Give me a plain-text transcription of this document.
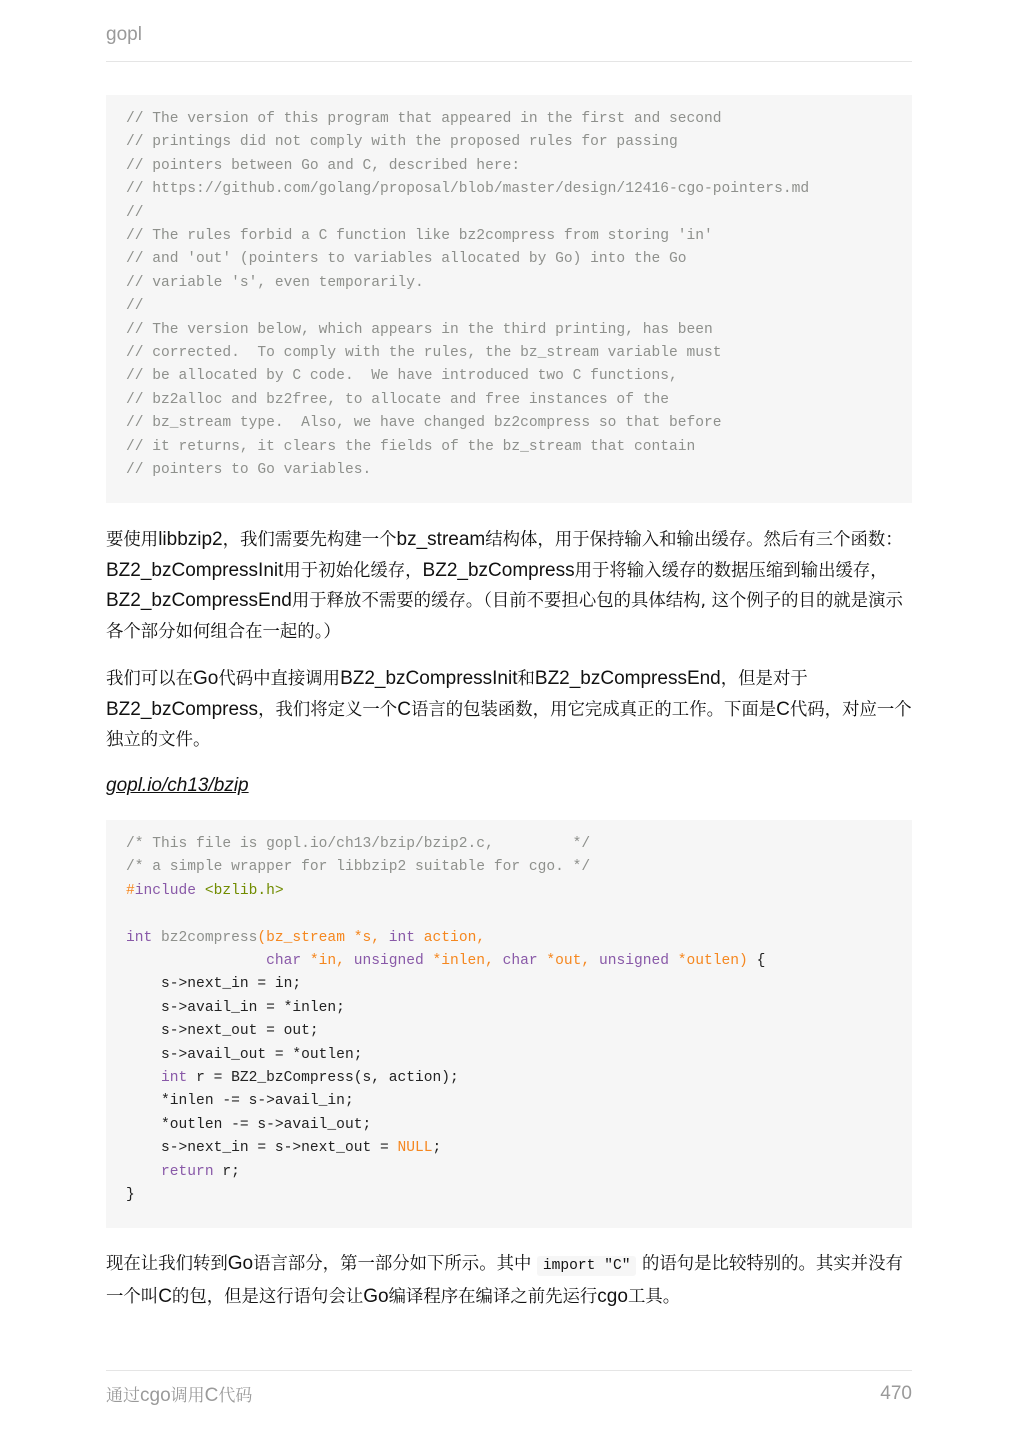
gopl
// The version of this program that appeared in the first and second
// printings did not comply with the proposed rules for passing
// pointers between Go and C, described here:
// https://github.com/golang/proposal/blob/master/design/12416-cgo-pointers.md
//
// The rules forbid a C function like bz2compress from storing 'in'
// and 'out' (pointers to variables allocated by Go) into the Go
// variable 's', even temporarily.
//
// The version below, which appears in the third printing, has been
// corrected.  To comply with the rules, the bz_stream variable must
// be allocated by C code.  We have introduced two C functions,
// bz2alloc and bz2free, to allocate and free instances of the
// bz_stream type.  Also, we have changed bz2compress so that before
// it returns, it clears the fields of the bz_stream that contain
// pointers to Go variables.

要使用libbzip2，我们需要先构建一个bz_stream结构体，用于保持输入和输出缓存。然后有三个函数：BZ2_bzCompressInit用于初始化缓存，BZ2_bzCompress用于将输入缓存的数据压缩到输出缓存，BZ2_bzCompressEnd用于释放不需要的缓存。（目前不要担心包的具体结构, 这个例子的目的就是演示各个部分如何组合在一起的。）

我们可以在Go代码中直接调用BZ2_bzCompressInit和BZ2_bzCompressEnd，但是对于BZ2_bzCompress，我们将定义一个C语言的包装函数，用它完成真正的工作。下面是C代码，对应一个独立的文件。

gopl.io/ch13/bzip
/* This file is gopl.io/ch13/bzip/bzip2.c,         */
/* a simple wrapper for libbzip2 suitable for cgo. */
#include <bzlib.h>

int bz2compress(bz_stream *s, int action,
char *in, unsigned *inlen, char *out, unsigned *outlen) {
s->next_in = in;
s->avail_in = *inlen;
s->next_out = out;
s->avail_out = *outlen;
int r = BZ2_bzCompress(s, action);
*inlen -= s->avail_in;
*outlen -= s->avail_out;
s->next_in = s->next_out = NULL;
return r;
}

现在让我们转到Go语言部分，第一部分如下所示。其中 import "C" 的语句是比较特别的。其实并没有一个叫C的包，但是这行语句会让Go编译程序在编译之前先运行cgo工具。

通过cgo调用C代码	470
